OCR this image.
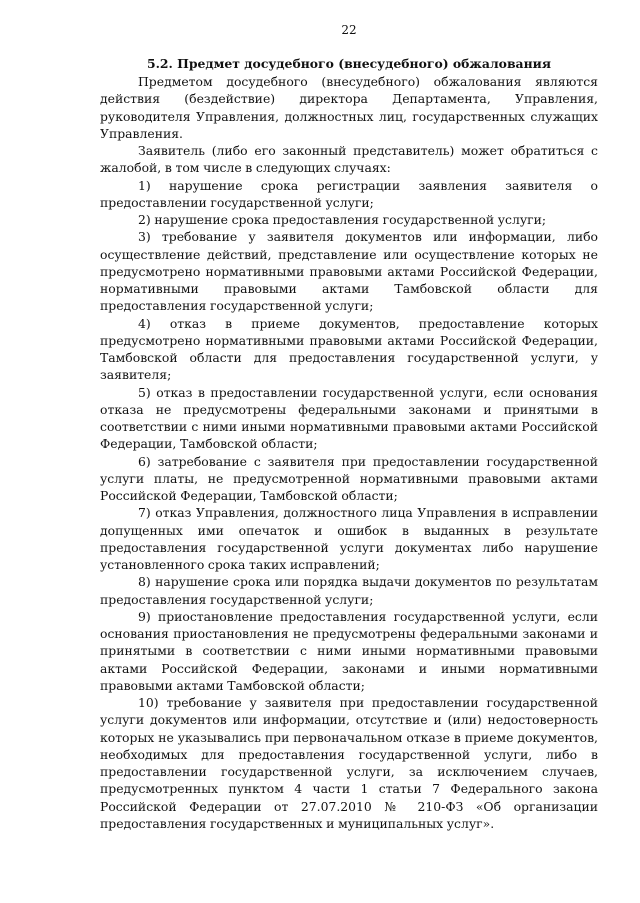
22
5.2. Предмет досудебного (внесудебного) обжалования

Предметом досудебного (внесудебного) обжалования являются действия (бездействие) директора Департамента, Управления, руководителя Управления, должностных лиц, государственных служащих Управления.

Заявитель (либо его законный представитель) может обратиться с жалобой, в том числе в следующих случаях:

1) нарушение срока регистрации заявления заявителя о предоставлении государственной услуги;

2) нарушение срока предоставления государственной услуги;

3) требование у заявителя документов или информации, либо осуществление действий, представление или осуществление которых не предусмотрено нормативными правовыми актами Российской Федерации, нормативными правовыми актами Тамбовской области для предоставления государственной услуги;

4) отказ в приеме документов, предоставление которых предусмотрено нормативными правовыми актами Российской Федерации, Тамбовской области для предоставления государственной услуги, у заявителя;

5) отказ в предоставлении государственной услуги, если основания отказа не предусмотрены федеральными законами и принятыми в соответствии с ними иными нормативными правовыми актами Российской Федерации, Тамбовской области;

6) затребование с заявителя при предоставлении государственной услуги платы, не предусмотренной нормативными правовыми актами Российской Федерации, Тамбовской области;

7) отказ Управления, должностного лица Управления в исправлении допущенных ими опечаток и ошибок в выданных в результате предоставления государственной услуги документах либо нарушение установленного срока таких исправлений;

8) нарушение срока или порядка выдачи документов по результатам предоставления государственной услуги;

9) приостановление предоставления государственной услуги, если основания приостановления не предусмотрены федеральными законами и принятыми в соответствии с ними иными нормативными правовыми актами Российской Федерации, законами и иными нормативными правовыми актами Тамбовской области;

10) требование у заявителя при предоставлении государственной услуги документов или информации, отсутствие и (или) недостоверность которых не указывались при первоначальном отказе в приеме документов, необходимых для предоставления государственной услуги, либо в предоставлении государственной услуги, за исключением случаев, предусмотренных пунктом 4 части 1 статьи 7 Федерального закона Российской Федерации от 27.07.2010 № 210-ФЗ «Об организации предоставления государственных и муниципальных услуг».
